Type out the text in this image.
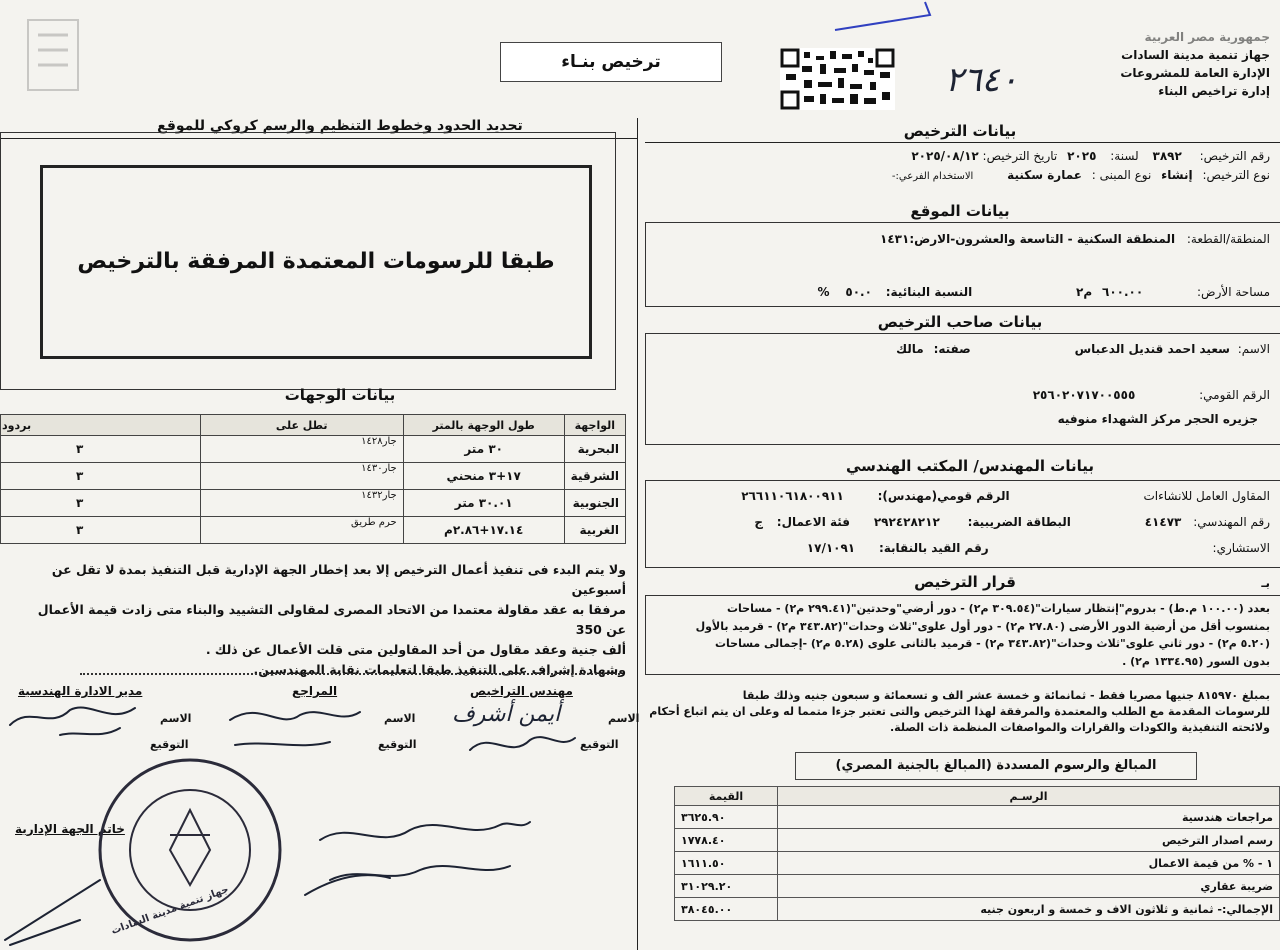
ترخيص بنـاء	٢٦٤٠
جمهورية مصر العربية
جهاز تنمية مدينة السادات
الإدارة العامة للمشروعات
إدارة تراخيص البناء
بيانات الترخيص
رقم الترخيص: ٣٨٩٢ لسنة: ٢٠٢٥ تاريخ الترخيص: ٢٠٢٥/٠٨/١٢
نوع الترخيص: إنشاء نوع المبنى : عمارة سكنية الاستخدام الفرعي:-
بيانات الموقع
المنطقة/القطعة: المنطقة السكنية - التاسعة والعشرون-الارض:١٤٣١
مساحة الأرض: ٦٠٠.٠٠ م٢ النسبة البنائية: ٥٠.٠ %
بيانات صاحب الترخيص
الاسم: سعيد احمد قنديل الدعباس صفته: مالك
الرقم القومي: ٢٥٦٠٢٠٧١٧٠٠٥٥٥
جزيره الحجر مركز الشهداء منوفيه
بيانات المهندس/ المكتب الهندسي
المقاول العامل للانشاءات الرقم قومي(مهندس): ٢٦٦١١٠٦١٨٠٠٩١١
رقم المهندسي: ٤١٤٧٣ البطاقة الضريبية: ٢٩٢٤٢٨٢١٢ فئة الاعمال: ج
الاستشاري: رقم القيد بالنقابة: ١٧/١٠٩١
قرار الترخيص	بـ
بعدد (١٠٠.٠٠ م.ط) - بدروم"إنتظار سيارات"(٣٠٩.٥٤ م٢) - دور أرضي"وحدتين"(٢٩٩.٤١ م٢) - مساحات
بمنسوب أقل من أرضية الدور الأرضى (٢٧.٨٠ م٢) - دور أول علوى"ثلاث وحدات"(٣٤٣.٨٢ م٢) - قرميد بالأول
(٥.٢٠ م٢) - دور ثاني علوى"ثلاث وحدات"(٣٤٣.٨٢ م٢) - قرميد بالثانى علوى (٥.٢٨ م٢) -إجمالى مساحات
بدون السور (١٣٣٤.٩٥ م٢) .
بمبلغ ٨١٥٩٧٠ جنيها مصريا فقط - ثمانمائة و خمسة عشر الف و تسعمائة و سبعون جنيه وذلك طبقا
للرسومات المقدمة مع الطلب والمعتمدة والمرفقة لهذا الترخيص والتى تعتبر جزءا متمما له وعلى ان يتم اتباع أحكام
ولائحته التنفيذية والكودات والقرارات والمواصفات المنظمة ذات الصلة.
المبالغ والرسوم المسددة (المبالغ بالجنية المصري)
الرسـم	القيمة
مراجعات هندسية	٣٦٢٥.٩٠
رسم اصدار الترخيص	١٧٧٨.٤٠
١ - % من قيمة الاعمال	١٦١١.٥٠
ضريبة عقاري	٣١٠٢٩.٢٠
الإجمالي:- ثمانية و ثلاثون الاف و خمسة و اربعون جنيه	٣٨٠٤٥.٠٠
تحديد الحدود وخطوط التنظيم والرسم كروكي للموقع
طبقا للرسومات المعتمدة المرفقة بالترخيص
بيانات الوجهات
الواجهة	طول الوجهة بالمتر	تطل على	بردود
البحرية	٣٠ متر	جار١٤٢٨	٣
الشرقية	١٧+٣ منحني	جار١٤٣٠	٣
الجنوبية	٣٠.٠١ متر	جار١٤٣٢	٣
الغربية	١٧.١٤+٢.٨٦م	حرم طريق	٣
ولا يتم البدء فى تنفيذ أعمال الترخيص إلا بعد إخطار الجهة الإدارية قبل التنفيذ بمدة لا تقل عن أسبوعين
مرفقا به عقد مقاولة معتمدا من الاتحاد المصرى لمقاولى التشييد والبناء متى زادت قيمة الأعمال عن 350
ألف جنية وعقد مقاول من أحد المقاولين متى قلت الأعمال عن ذلك .
وشهادة إشراف على التنفيذ طبقا لتعليمات نقابة المهندسين.
مهندس التراخيص
المراجع
مدير الادارة الهندسية
الاسم
الاسم
الاسم
التوقيع
التوقيع
التوقيع
أيمن أشرف
خاتم الجهة الإدارية
جهاز تنمية مدينة السادات
